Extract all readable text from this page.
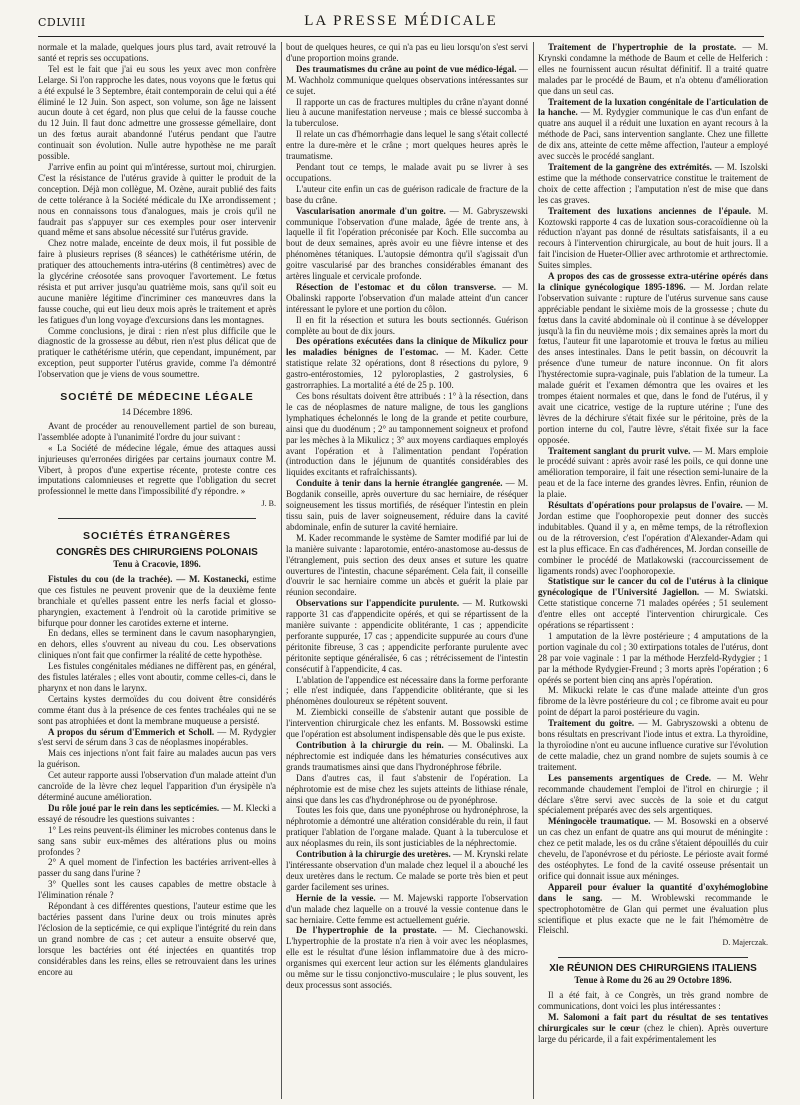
CDLVIII	LA PRESSE MÉDICALE

normale et la malade, quelques jours plus tard, avait retrouvé la santé et repris ses occupations.

Tel est le fait que j'ai eu sous les yeux avec mon confrère Lelarge. Si l'on rapproche les dates, nous voyons que le fœtus qui a été expulsé le 3 Septembre, était contemporain de celui qui a été éliminé le 12 Juin. Son aspect, son volume, son âge ne laissent aucun doute à cet égard, non plus que celui de la fausse couche du 12 Juin. Il faut donc admettre une grossesse gémellaire, dont un des fœtus aurait abandonné l'utérus pendant que l'autre continuait son évolution. Nulle autre hypothèse ne me paraît possible.

J'arrive enfin au point qui m'intéresse, surtout moi, chirurgien. C'est la résistance de l'utérus gravide à quitter le produit de la conception. Déjà mon collègue, M. Ozène, aurait publié des faits de cette tolérance à la Société médicale du IXe arrondissement ; nous en connaissons tous d'analogues, mais je crois qu'il ne faudrait pas s'appuyer sur ces exemples pour oser intervenir quand même et sans absolue nécessité sur l'utérus gravide.

Chez notre malade, enceinte de deux mois, il fut possible de faire à plusieurs reprises (8 séances) le cathétérisme utérin, de pratiquer des attouchements intra-utérins (8 centimètres) avec de la glycérine créosotée sans provoquer l'avortement. Le fœtus résista et put arriver jusqu'au quatrième mois, sans qu'il soit eu aucune manière légitime d'incriminer ces manœuvres dans la fausse couche, qui eut lieu deux mois après le traitement et après les fatigues d'un long voyage d'excursions dans les montagnes.

Comme conclusions, je dirai : rien n'est plus difficile que le diagnostic de la grossesse au début, rien n'est plus délicat que de pratiquer le cathétérisme utérin, que cependant, impunément, par exception, peut supporter l'utérus gravide, comme l'a démontré l'observation que je viens de vous soumettre.

SOCIÉTÉ DE MÉDECINE LÉGALE

14 Décembre 1896.

Avant de procéder au renouvellement partiel de son bureau, l'assemblée adopte à l'unanimité l'ordre du jour suivant :

« La Société de médecine légale, émue des attaques aussi injurieuses qu'erronées dirigées par certains journaux contre M. Vibert, à propos d'une expertise récente, proteste contre ces imputations calomnieuses et regrette que l'obligation du secret professionnel le mette dans l'impossibilité d'y répondre. »

J. B.

SOCIÉTÉS ÉTRANGÈRES

CONGRÈS DES CHIRURGIENS POLONAIS

Tenu à Cracovie, 1896.

Fistules du cou (de la trachée). — M. Kostanecki, estime que ces fistules ne peuvent provenir que de la deuxième fente branchiale et qu'elles passent entre les nerfs facial et glosso-pharyngien, exactement à l'endroit où la carotide primitive se bifurque pour donner les carotides externe et interne.

En dedans, elles se terminent dans le cavum nasopharyngien, en dehors, elles s'ouvrent au niveau du cou. Les observations cliniques n'ont fait que confirmer la réalité de cette hypothèse.

Les fistules congénitales médianes ne diffèrent pas, en général, des fistules latérales ; elles vont aboutir, comme celles-ci, dans le pharynx et non dans le larynx.

Certains kystes dermoïdes du cou doivent être considérés comme étant dus à la présence de ces fentes trachéales qui ne se sont pas atrophiées et dont la membrane muqueuse a persisté.

A propos du sérum d'Emmerich et Scholl. — M. Rydygier s'est servi de sérum dans 3 cas de néoplasmes inopérables.

Mais ces injections n'ont fait faire au malades aucun pas vers la guérison.

Cet auteur rapporte aussi l'observation d'un malade atteint d'un cancroïde de la lèvre chez lequel l'apparition d'un érysipèle n'a déterminé aucune amélioration.

Du rôle joué par le rein dans les septicémies. — M. Klecki a essayé de résoudre les questions suivantes :

1° Les reins peuvent-ils éliminer les microbes contenus dans le sang sans subir eux-mêmes des altérations plus ou moins profondes ?

2° A quel moment de l'infection les bactéries arrivent-elles à passer du sang dans l'urine ?

3° Quelles sont les causes capables de mettre obstacle à l'élimination rénale ?

Répondant à ces différentes questions, l'auteur estime que les bactéries passent dans l'urine deux ou trois minutes après l'éclosion de la septicémie, ce qui explique l'intégrité du rein dans un grand nombre de cas ; cet auteur a ensuite observé que, lorsque les bactéries ont été injectées en quantités trop considérables dans les reins, elles se retrouvaient dans les urines encore au

bout de quelques heures, ce qui n'a pas eu lieu lorsqu'on s'est servi d'une proportion moins grande.

Des traumatismes du crâne au point de vue médico-légal. — M. Wachholz communique quelques observations intéressantes sur ce sujet.

Il rapporte un cas de fractures multiples du crâne n'ayant donné lieu à aucune manifestation nerveuse ; mais ce blessé succomba à la tuberculose.

Il relate un cas d'hémorrhagie dans lequel le sang s'était collecté entre la dure-mère et le crâne ; mort quelques heures après le traumatisme.

Pendant tout ce temps, le malade avait pu se livrer à ses occupations.

L'auteur cite enfin un cas de guérison radicale de fracture de la base du crâne.

Vascularisation anormale d'un goitre. — M. Gabryszewski communique l'observation d'une malade, âgée de trente ans, à laquelle il fit l'opération préconisée par Koch. Elle succomba au bout de deux semaines, après avoir eu une fièvre intense et des phénomènes tétaniques. L'autopsie démontra qu'il s'agissait d'un goitre vascularisé par des branches considérables émanant des artères linguale et cervicale profonde.

Résection de l'estomac et du côlon transverse. — M. Obalinski rapporte l'observation d'un malade atteint d'un cancer intéressant le pylore et une portion du côlon.

Il en fit la résection et sutura les bouts sectionnés. Guérison complète au bout de dix jours.

Des opérations exécutées dans la clinique de Mikulicz pour les maladies bénignes de l'estomac. — M. Kader. Cette statistique relate 32 opérations, dont 8 résections du pylore, 9 gastro-entérostomies, 12 pyloroplasties, 2 gastrolysies, 6 gastrorraphies. La mortalité a été de 25 p. 100.

Ces bons résultats doivent être attribués : 1° à la résection, dans le cas de néoplasmes de nature maligne, de tous les ganglions lymphatiques échelonnés le long de la grande et petite courbure, ainsi que du duodénum ; 2° au tamponnement soigneux et profond par les mèches à la Mikulicz ; 3° aux moyens cardiaques employés avant l'opération et à l'alimentation pendant l'opération (introduction dans le jéjunum de quantités considérables des liquides excitants et rafraîchissants).

Conduite à tenir dans la hernie étranglée gangrenée. — M. Bogdanik conseille, après ouverture du sac herniaire, de réséquer soigneusement les tissus mortifiés, de réséquer l'intestin en plein tissu sain, puis de laver soigneusement, réduire dans la cavité abdominale, enfin de suturer la cavité herniaire.

M. Kader recommande le système de Samter modifié par lui de la manière suivante : laparotomie, entéro-anastomose au-dessus de l'étranglement, puis section des deux anses et suture les quatre ouvertures de l'intestin, chacune séparément. Cela fait, il conseille d'ouvrir le sac herniaire comme un abcès et guérit la plaie par réunion secondaire.

Observations sur l'appendicite purulente. — M. Rutkowski rapporte 31 cas d'appendicite opérés, et qui se répartissent de la manière suivante : appendicite oblitérante, 1 cas ; appendicite perforante suppurée, 17 cas ; appendicite suppurée au cours d'une péritonite fibreuse, 3 cas ; appendicite perforante purulente avec péritonite septique généralisée, 6 cas ; rétrécissement de l'intestin consécutif à l'appendicite, 4 cas.

L'ablation de l'appendice est nécessaire dans la forme perforante ; elle n'est indiquée, dans l'appendicite oblitérante, que si les phénomènes douloureux se répètent souvent.

M. Ziembicki conseille de s'abstenir autant que possible de l'intervention chirurgicale chez les enfants. M. Bossowski estime que l'opération est absolument indispensable dès que le pus existe.

Contribution à la chirurgie du rein. — M. Obalinski. La néphrectomie est indiquée dans les hématuries consécutives aux grands traumatismes ainsi que dans l'hydronéphrose fébrile.

Dans d'autres cas, il faut s'abstenir de l'opération. La néphrotomie est de mise chez les sujets atteints de lithiase rénale, ainsi que dans les cas d'hydronéphrose ou de pyonéphrose.

Toutes les fois que, dans une pyonéphrose ou hydronéphrose, la néphrotomie a démontré une altération considérable du rein, il faut pratiquer l'ablation de l'organe malade. Quant à la tuberculose et aux néoplasmes du rein, ils sont justiciables de la néphrectomie.

Contribution à la chirurgie des uretères. — M. Krynski relate l'intéressante observation d'un malade chez lequel il a abouché les deux uretères dans le rectum. Ce malade se porte très bien et peut garder facilement ses urines.

Hernie de la vessie. — M. Majewski rapporte l'observation d'un malade chez laquelle on a trouvé la vessie contenue dans le sac herniaire. Cette femme est actuellement guérie.

De l'hypertrophie de la prostate. — M. Ciechanowski. L'hypertrophie de la prostate n'a rien à voir avec les néoplasmes, elle est le résultat d'une lésion inflammatoire due à des micro-organismes qui exercent leur action sur les éléments glandulaires ou même sur le tissu conjonctivo-musculaire ; le plus souvent, les deux processus sont associés.

Traitement de l'hypertrophie de la prostate. — M. Krynski condamne la méthode de Baum et celle de Helferich : elles ne fournissent aucun résultat définitif. Il a traité quatre malades par le procédé de Baum, et n'a obtenu d'amélioration que dans un seul cas.

Traitement de la luxation congénitale de l'articulation de la hanche. — M. Rydygier communique le cas d'un enfant de quatre ans auquel il a réduit une luxation en ayant recours à la méthode de Paci, sans intervention sanglante. Chez une fillette de dix ans, atteinte de cette même affection, l'auteur a employé avec succès le procédé sanglant.

Traitement de la gangrène des extrémités. — M. Iszolski estime que la méthode conservatrice constitue le traitement de choix de cette affection ; l'amputation n'est de mise que dans les cas graves.

Traitement des luxations anciennes de l'épaule. M. Koztowski rapporte 4 cas de luxation sous-coracoïdienne où la réduction n'ayant pas donné de résultats satisfaisants, il a eu recours à l'intervention chirurgicale, au bout de huit jours. Il a fait l'incision de Hueter-Ollier avec arthrotomie et arthrectomie. Suites simples.

A propos des cas de grossesse extra-utérine opérés dans la clinique gynécologique 1895-1896. — M. Jordan relate l'observation suivante : rupture de l'utérus survenue sans cause appréciable pendant le sixième mois de la grossesse ; chute du fœtus dans la cavité abdominale où il continue à se développer jusqu'à la fin du neuvième mois ; dix semaines après la mort du fœtus, l'auteur fit une laparotomie et trouva le fœtus au milieu des anses intestinales. Dans le petit bassin, on découvrit la présence d'une tumeur de nature inconnue. On fit alors l'hystérectomie supra-vaginale, puis l'ablation de la tumeur. La malade guérit et l'examen démontra que les ovaires et les trompes étaient normales et que, dans le fond de l'utérus, il y avait une cicatrice, vestige de la rupture utérine ; l'une des lèvres de la déchirure s'était fixée sur le péritoine, près de la portion interne du col, l'autre lèvre, s'était fixée sur la face opposée.

Traitement sanglant du prurit vulve. — M. Mars emploie le procédé suivant : après avoir rasé les poils, ce qui donne une amélioration temporaire, il fait une résection semi-lunaire de la peau et de la face interne des grandes lèvres. Enfin, réunion de la plaie.

Résultats d'opérations pour prolapsus de l'ovaire. — M. Jordan estime que l'oophoropexie peut donner des succès indubitables. Quand il y a, en même temps, de la rétroflexion ou de la rétroversion, c'est l'opération d'Alexander-Adam qui est la plus efficace. En cas d'adhérences, M. Jordan conseille de combiner le procédé de Matlakowski (raccourcissement de ligaments ronds) avec l'oophoropexie.

Statistique sur le cancer du col de l'utérus à la clinique gynécologique de l'Université Jagiellon. — M. Swiatski. Cette statistique concerne 71 malades opérées ; 51 seulement d'entre elles ont accepté l'intervention chirurgicale. Ces opérations se répartissent :

1 amputation de la lèvre postérieure ; 4 amputations de la portion vaginale du col ; 30 extirpations totales de l'utérus, dont 28 par voie vaginale : 1 par la méthode Herzfeld-Rydygier ; 1 par la méthode Rydygier-Freund ; 3 morts après l'opération ; 6 opérés se portent bien cinq ans après l'opération.

M. Mikucki relate le cas d'une malade atteinte d'un gros fibrome de la lèvre postérieure du col ; ce fibrome avait eu pour point de départ la paroi postérieure du vagin.

Traitement du goitre. — M. Gabryszowski a obtenu de bons résultats en prescrivant l'iode intus et extra. La thyroïdine, la thyroïodine n'ont eu aucune influence curative sur l'évolution de cette maladie, chez un grand nombre de sujets soumis à ce traitement.

Les pansements argentiques de Crede. — M. Wehr recommande chaudement l'emploi de l'itrol en chirurgie ; il déclare s'être servi avec succès de la soie et du catgut spécialement préparés avec des sels argentiques.

Méningocèle traumatique. — M. Bosowski en a observé un cas chez un enfant de quatre ans qui mourut de méningite : chez ce petit malade, les os du crâne s'étaient dépouillés du cuir chevelu, de l'aponévrose et du périoste. Le périoste avait formé des ostéophytes. Le fond de la cavité osseuse présentait un orifice qui donnait issue aux méninges.

Appareil pour évaluer la quantité d'oxyhémoglobine dans le sang. — M. Wroblewski recommande le spectrophotomètre de Glan qui permet une évaluation plus scientifique et plus exacte que ne le fait l'hémomètre de Fleischl.

D. Majerczak.

XIe RÉUNION DES CHIRURGIENS ITALIENS

Tenue à Rome du 26 au 29 Octobre 1896.

Il a été fait, à ce Congrès, un très grand nombre de communications, dont voici les plus intéressantes :

M. Salomoni a fait part du résultat de ses tentatives chirurgicales sur le cœur (chez le chien). Après ouverture large du péricarde, il a fait expérimentalement les
